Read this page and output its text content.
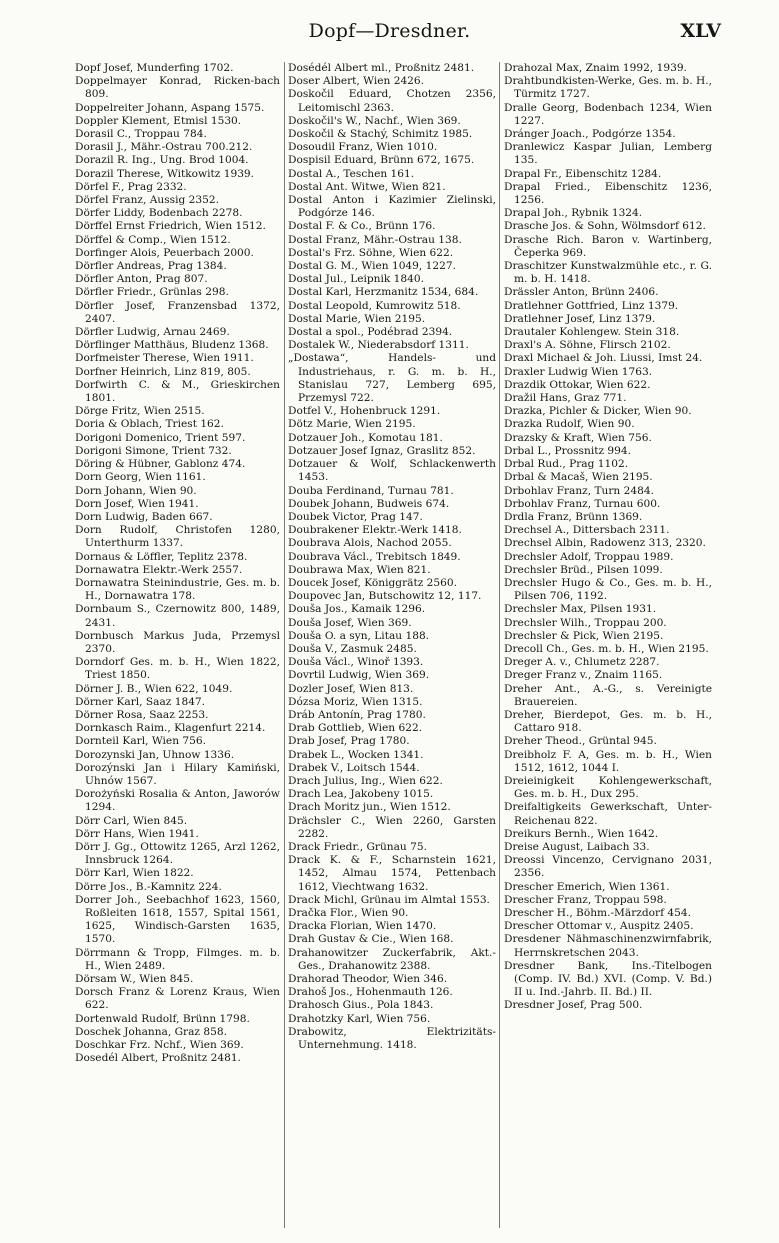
Dopf—Dresdner.	XLV
Dopf Josef, Munderfing 1702.
Doppelmayer Konrad, Ricken-bach 809.
Doppelreiter Johann, Aspang 1575.
Doppler Klement, Etmisl 1530.
Dorasil C., Troppau 784.
Dorasil J., Mähr.-Ostrau 700.212.
Dorazil R. Ing., Ung. Brod 1004.
Dorazil Therese, Witkowitz 1939.
Dörfel F., Prag 2332.
Dörfel Franz, Aussig 2352.
Dörfer Liddy, Bodenbach 2278.
Dörffel Ernst Friedrich, Wien 1512.
Dörffel & Comp., Wien 1512.
Dorfinger Alois, Peuerbach 2000.
Dörfler Andreas, Prag 1384.
Dörfler Anton, Prag 807.
Dörfler Friedr., Grünlas 298.
Dörfler Josef, Franzensbad 1372, 2407.
Dörfler Ludwig, Arnau 2469.
Dörflinger Matthäus, Bludenz 1368.
Dorfmeister Therese, Wien 1911.
Dorfner Heinrich, Linz 819, 805.
Dorfwirth C. & M., Grieskirchen 1801.
Dörge Fritz, Wien 2515.
Doria & Oblach, Triest 162.
Dorigoni Domenico, Trient 597.
Dorigoni Simone, Trient 732.
Döring & Hübner, Gablonz 474.
Dorn Georg, Wien 1161.
Dorn Johann, Wien 90.
Dorn Josef, Wien 1941.
Dorn Ludwig, Baden 667.
Dorn Rudolf, Christofen 1280, Unterthurm 1337.
Dornaus & Löffler, Teplitz 2378.
Dornawatra Elektr.-Werk 2557.
Dornawatra Steinindustrie, Ges. m. b. H., Dornawatra 178.
Dornbaum S., Czernowitz 800, 1489, 2431.
Dornbusch Markus Juda, Przemysl 2370.
Dorndorf Ges. m. b. H., Wien 1822, Triest 1850.
Dörner J. B., Wien 622, 1049.
Dörner Karl, Saaz 1847.
Dörner Rosa, Saaz 2253.
Dornkasch Raim., Klagenfurt 2214.
Dornteil Karl, Wien 756.
Dorozynski Jan, Uhnow 1336.
Dorozýnski Jan i Hilary Kamiński, Uhnów 1567.
Dorożyński Rosalia & Anton, Jaworów 1294.
Dörr Carl, Wien 845.
Dörr Hans, Wien 1941.
Dörr J. Gg., Ottowitz 1265, Arzl 1262, Innsbruck 1264.
Dörr Karl, Wien 1822.
Dörre Jos., B.-Kamnitz 224.
Dorrer Joh., Seebachhof 1623, 1560, Roßleiten 1618, 1557, Spital 1561, 1625, Windisch-Garsten 1635, 1570.
Dörrmann & Tropp, Filmges. m. b. H., Wien 2489.
Dörsam W., Wien 845.
Dorsch Franz & Lorenz Kraus, Wien 622.
Dortenwald Rudolf, Brünn 1798.
Doschek Johanna, Graz 858.
Doschkar Frz. Nchf., Wien 369.
Dosedél Albert, Proßnitz 2481.
Dosédél Albert ml., Proßnitz 2481.
Doser Albert, Wien 2426.
Doskočil Eduard, Chotzen 2356, Leitomischl 2363.
Doskočil's W., Nachf., Wien 369.
Doskočil & Stachý, Schimitz 1985.
Dosoudil Franz, Wien 1010.
Dospisil Eduard, Brünn 672, 1675.
Dostal A., Teschen 161.
Dostal Ant. Witwe, Wien 821.
Dostal Anton i Kazimier Zielinski, Podgórze 146.
Dostal F. & Co., Brünn 176.
Dostal Franz, Mähr.-Ostrau 138.
Dostal's Frz. Söhne, Wien 622.
Dostal G. M., Wien 1049, 1227.
Dostal Jul., Leipnik 1840.
Dostal Karl, Herzmanitz 1534, 684.
Dostal Leopold, Kumrowitz 518.
Dostal Marie, Wien 2195.
Dostal a spol., Podébrad 2394.
Dostalek W., Niederabsdorf 1311.
„Dostawa“, Handels- und Industriehaus, r. G. m. b. H., Stanislau 727, Lemberg 695, Przemysl 722.
Dotfel V., Hohenbruck 1291.
Dötz Marie, Wien 2195.
Dotzauer Joh., Komotau 181.
Dotzauer Josef Ignaz, Graslitz 852.
Dotzauer & Wolf, Schlackenwerth 1453.
Douba Ferdinand, Turnau 781.
Doubek Johann, Budweis 674.
Doubek Victor, Prag 147.
Doubrakener Elektr.-Werk 1418.
Doubrava Alois, Nachod 2055.
Doubrava Václ., Trebitsch 1849.
Doubrawa Max, Wien 821.
Doucek Josef, Königgrätz 2560.
Doupovec Jan, Butschowitz 12, 117.
Douša Jos., Kamaik 1296.
Douša Josef, Wien 369.
Douša O. a syn, Litau 188.
Douša V., Zasmuk 2485.
Douša Václ., Winoř 1393.
Dovrtil Ludwig, Wien 369.
Dozler Josef, Wien 813.
Dózsa Moriz, Wien 1315.
Dráb Antonín, Prag 1780.
Drab Gottlieb, Wien 622.
Drab Josef, Prag 1780.
Drabek L., Wocken 1341.
Drabek V., Loitsch 1544.
Drach Julius, Ing., Wien 622.
Drach Lea, Jakobeny 1015.
Drach Moritz jun., Wien 1512.
Drächsler C., Wien 2260, Garsten 2282.
Drack Friedr., Grünau 75.
Drack K. & F., Scharnstein 1621, 1452, Almau 1574, Pettenbach 1612, Viechtwang 1632.
Drack Michl, Grünau im Almtal 1553.
Dračka Flor., Wien 90.
Dracka Florian, Wien 1470.
Drah Gustav & Cie., Wien 168.
Drahanowitzer Zuckerfabrik, Akt.-Ges., Drahanowitz 2388.
Drahorad Theodor, Wien 346.
Drahoš Jos., Hohenmauth 126.
Drahosch Gius., Pola 1843.
Drahotzky Karl, Wien 756.
Drabowitz, Elektrizitäts-Unternehmung. 1418.
Drahozal Max, Znaim 1992, 1939.
Drahtbundkisten-Werke, Ges. m. b. H., Türmitz 1727.
Dralle Georg, Bodenbach 1234, Wien 1227.
Dránger Joach., Podgórze 1354.
Dranlewicz Kaspar Julian, Lemberg 135.
Drapal Fr., Eibenschitz 1284.
Drapal Fried., Eibenschitz 1236, 1256.
Drapal Joh., Rybnik 1324.
Drasche Jos. & Sohn, Wölmsdorf 612.
Drasche Rich. Baron v. Wartinberg, Čeperka 969.
Draschitzer Kunstwalzmühle etc., r. G. m. b. H. 1418.
Drässler Anton, Brünn 2406.
Dratlehner Gottfried, Linz 1379.
Dratlehner Josef, Linz 1379.
Drautaler Kohlengew. Stein 318.
Draxl's A. Söhne, Flirsch 2102.
Draxl Michael & Joh. Liussi, Imst 24.
Draxler Ludwig Wien 1763.
Drazdik Ottokar, Wien 622.
Dražil Hans, Graz 771.
Drazka, Pichler & Dicker, Wien 90.
Drazka Rudolf, Wien 90.
Drazsky & Kraft, Wien 756.
Drbal L., Prossnitz 994.
Drbal Rud., Prag 1102.
Drbal & Macaš, Wien 2195.
Drbohlav Franz, Turn 2484.
Drbohlav Franz, Turnau 600.
Drdla Franz, Brünn 1369.
Drechsel A., Dittersbach 2311.
Drechsel Albin, Radowenz 313, 2320.
Drechsler Adolf, Troppau 1989.
Drechsler Brüd., Pilsen 1099.
Drechsler Hugo & Co., Ges. m. b. H., Pilsen 706, 1192.
Drechsler Max, Pilsen 1931.
Drechsler Wilh., Troppau 200.
Drechsler & Pick, Wien 2195.
Drecoll Ch., Ges. m. b. H., Wien 2195.
Dreger A. v., Chlumetz 2287.
Dreger Franz v., Znaim 1165.
Dreher Ant., A.-G., s. Vereinigte Brauereien.
Dreher, Bierdepot, Ges. m. b. H., Cattaro 918.
Dreher Theod., Grüntal 945.
Dreibholz F. A, Ges. m. b. H., Wien 1512, 1612, 1044 I.
Dreieinigkeit Kohlengewerkschaft, Ges. m. b. H., Dux 295.
Dreifaltigkeits Gewerkschaft, Unter-Reichenau 822.
Dreikurs Bernh., Wien 1642.
Dreise August, Laibach 33.
Dreossi Vincenzo, Cervignano 2031, 2356.
Drescher Emerich, Wien 1361.
Drescher Franz, Troppau 598.
Drescher H., Böhm.-Märzdorf 454.
Drescher Ottomar v., Auspitz 2405.
Dresdener Nähmaschinenzwirnfabrik, Herrnskretschen 2043.
Dresdner Bank, Ins.-Titelbogen (Comp. IV. Bd.) XVI. (Comp. V. Bd.) II u. Ind.-Jahrb. II. Bd.) II.
Dresdner Josef, Prag 500.
